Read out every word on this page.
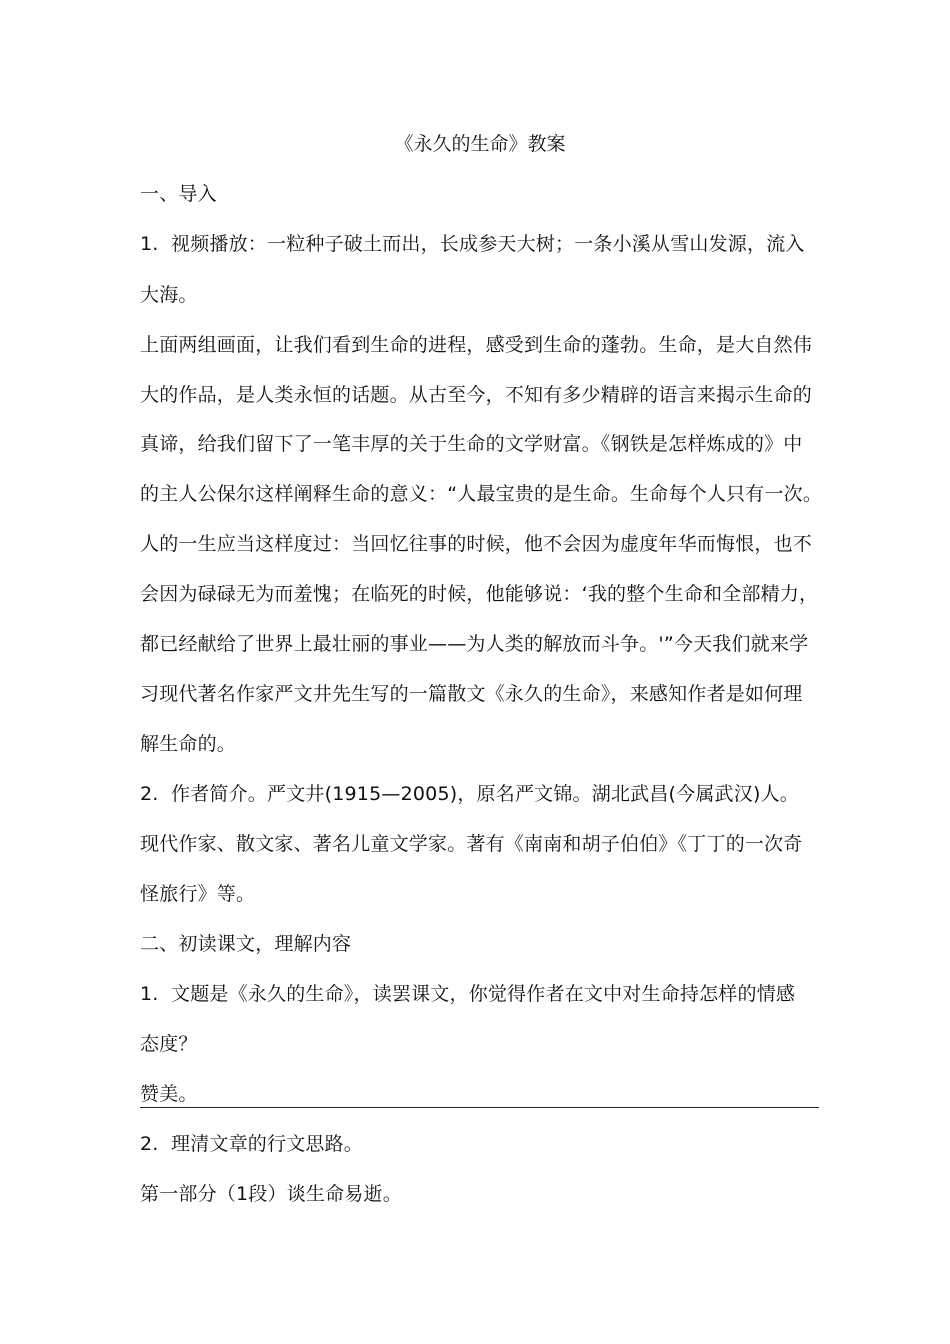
《永久的生命》教案
一、导入
1.  视频播放：一粒种子破土而出，长成参天大树；一条小溪从雪山发源，流入
大海。
上面两组画面，让我们看到生命的进程，感受到生命的蓬勃。生命，是大自然伟
大的作品，是人类永恒的话题。从古至今，不知有多少精辟的语言来揭示生命的
真谛，给我们留下了一笔丰厚的关于生命的文学财富。《钢铁是怎样炼成的》中
的主人公保尔这样阐释生命的意义：“人最宝贵的是生命。生命每个人只有一次。
人的一生应当这样度过：当回忆往事的时候，他不会因为虚度年华而悔恨，也不
会因为碌碌无为而羞愧；在临死的时候，他能够说：‘我的整个生命和全部精力，
都已经献给了世界上最壮丽的事业——为人类的解放而斗争。'”今天我们就来学
习现代著名作家严文井先生写的一篇散文《永久的生命》，来感知作者是如何理
解生命的。
2.  作者简介。严文井(1915—2005)，原名严文锦。湖北武昌(今属武汉)人。
现代作家、散文家、著名儿童文学家。著有《南南和胡子伯伯》《丁丁的一次奇
怪旅行》等。
二、初读课文，理解内容
1.  文题是《永久的生命》，读罢课文，你觉得作者在文中对生命持怎样的情感
态度？
赞美。
2.  理清文章的行文思路。
第一部分（1段）谈生命易逝。
